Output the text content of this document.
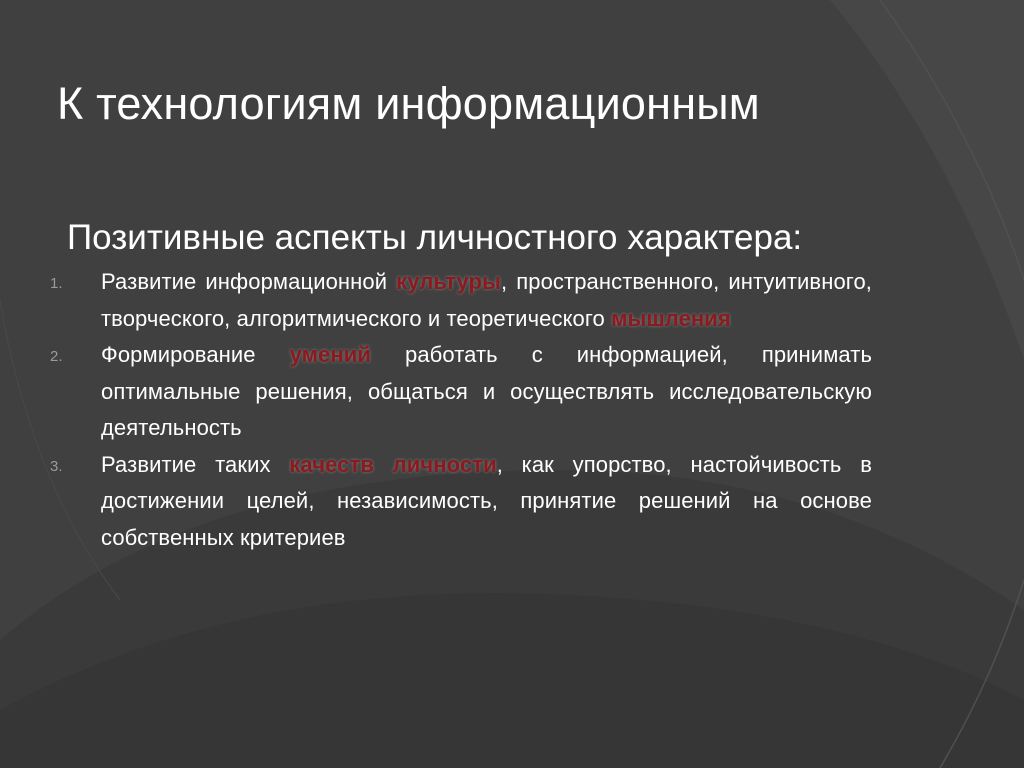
К технологиям информационным
Позитивные аспекты личностного характера:
1. Развитие информационной культуры, пространственного, интуитивного, творческого, алгоритмического и теоретического мышления
2. Формирование умений работать с информацией, принимать оптимальные решения, общаться и осуществлять исследовательскую деятельность
3. Развитие таких качеств личности, как упорство, настойчивость в достижении целей, независимость, принятие решений на основе собственных критериев
